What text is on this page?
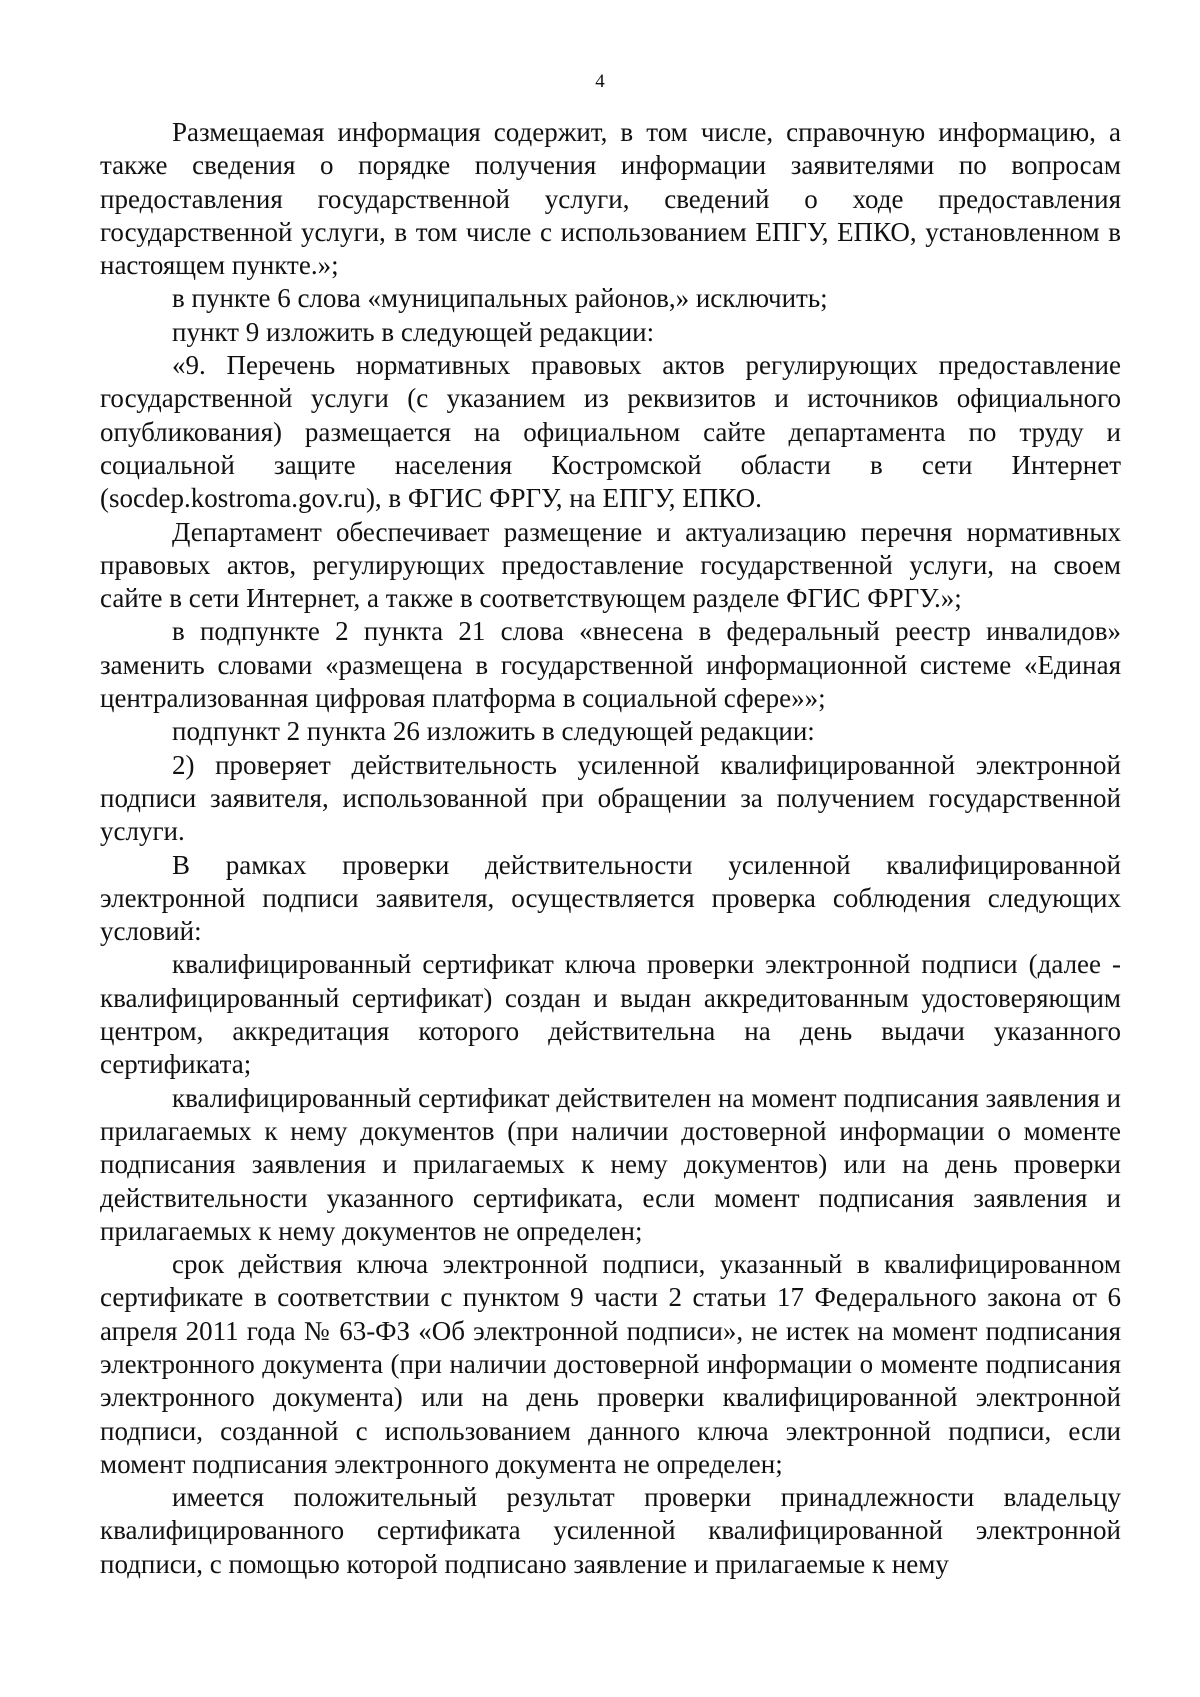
4

Размещаемая информация содержит, в том числе, справочную информацию, а также сведения о порядке получения информации заявителями по вопросам предоставления государственной услуги, сведений о ходе предоставления государственной услуги, в том числе с использованием ЕПГУ, ЕПКО, установленном в настоящем пункте.»;

в пункте 6 слова «муниципальных районов,» исключить;

пункт 9 изложить в следующей редакции:

«9. Перечень нормативных правовых актов регулирующих предоставление государственной услуги (с указанием из реквизитов и источников официального опубликования) размещается на официальном сайте департамента по труду и социальной защите населения Костромской области в сети Интернет (socdep.kostroma.gov.ru), в ФГИС ФРГУ, на ЕПГУ, ЕПКО.

Департамент обеспечивает размещение и актуализацию перечня нормативных правовых актов, регулирующих предоставление государственной услуги, на своем сайте в сети Интернет, а также в соответствующем разделе ФГИС ФРГУ.»;

в подпункте 2 пункта 21 слова «внесена в федеральный реестр инвалидов» заменить словами «размещена в государственной информационной системе «Единая централизованная цифровая платформа в социальной сфере»»;

подпункт 2 пункта 26 изложить в следующей редакции:

2) проверяет действительность усиленной квалифицированной электронной подписи заявителя, использованной при обращении за получением государственной услуги.

В рамках проверки действительности усиленной квалифицированной электронной подписи заявителя, осуществляется проверка соблюдения следующих условий:

квалифицированный сертификат ключа проверки электронной подписи (далее - квалифицированный сертификат) создан и выдан аккредитованным удостоверяющим центром, аккредитация которого действительна на день выдачи указанного сертификата;

квалифицированный сертификат действителен на момент подписания заявления и прилагаемых к нему документов (при наличии достоверной информации о моменте подписания заявления и прилагаемых к нему документов) или на день проверки действительности указанного сертификата, если момент подписания заявления и прилагаемых к нему документов не определен;

срок действия ключа электронной подписи, указанный в квалифицированном сертификате в соответствии с пунктом 9 части 2 статьи 17 Федерального закона от 6 апреля 2011 года № 63-ФЗ «Об электронной подписи», не истек на момент подписания электронного документа (при наличии достоверной информации о моменте подписания электронного документа) или на день проверки квалифицированной электронной подписи, созданной с использованием данного ключа электронной подписи, если момент подписания электронного документа не определен;

имеется положительный результат проверки принадлежности владельцу квалифицированного сертификата усиленной квалифицированной электронной подписи, с помощью которой подписано заявление и прилагаемые к нему
